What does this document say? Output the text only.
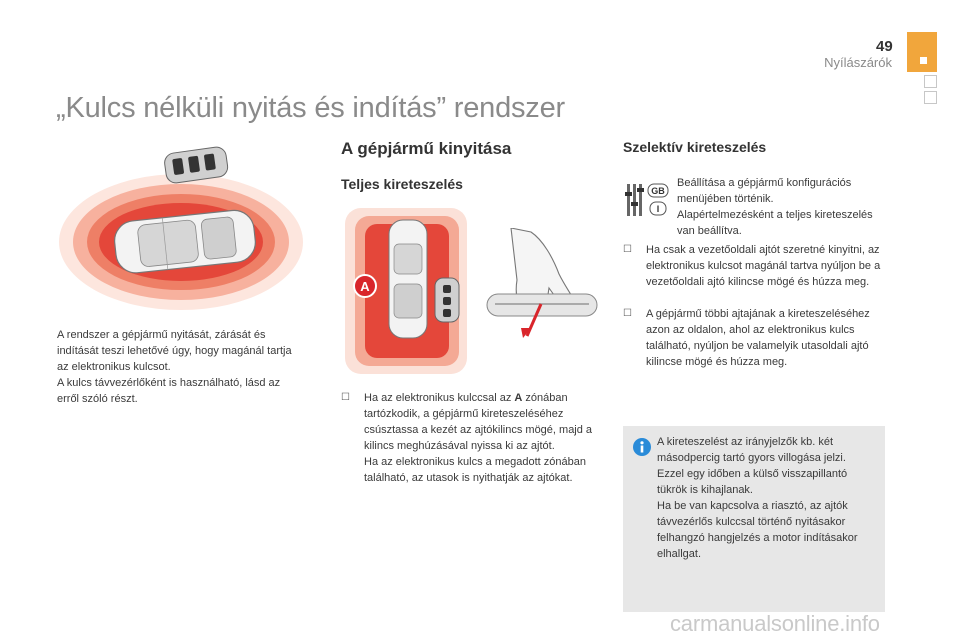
49
Nyílászárók
„Kulcs nélküli nyitás és indítás” rendszer
A rendszer a gépjármű nyitását, zárását és indítását teszi lehetővé úgy, hogy magánál tartja az elektronikus kulcsot.
A kulcs távvezérlőként is használható, lásd az erről szóló részt.
A gépjármű kinyitása
Teljes kireteszelés
A
☐	Ha az elektronikus kulccsal az A zónában tartózkodik, a gépjármű kireteszeléséhez csúsztassa a kezét az ajtókilincs mögé, majd a kilincs meghúzásával nyissa ki az ajtót.
Ha az elektronikus kulcs a megadott zónában található, az utasok is nyithatják az ajtókat.
Szelektív kireteszelés
GB
I
Beállítása a gépjármű konfigurációs menüjében történik.
Alapértelmezésként a teljes kireteszelés van beállítva.
☐	Ha csak a vezetőoldali ajtót szeretné kinyitni, az elektronikus kulcsot magánál tartva nyúljon be a vezetőoldali ajtó kilincse mögé és húzza meg.
☐	A gépjármű többi ajtajának a kireteszeléséhez azon az oldalon, ahol az elektronikus kulcs található, nyúljon be valamelyik utasoldali ajtó kilincse mögé és húzza meg.
A kireteszelést az irányjelzők kb. két másodpercig tartó gyors villogása jelzi.
Ezzel egy időben a külső visszapillantó tükrök is kihajlanak.
Ha be van kapcsolva a riasztó, az ajtók távvezérlős kulccsal történő nyitásakor felhangzó hangjelzés a motor indításakor elhallgat.
carmanualsonline.info
